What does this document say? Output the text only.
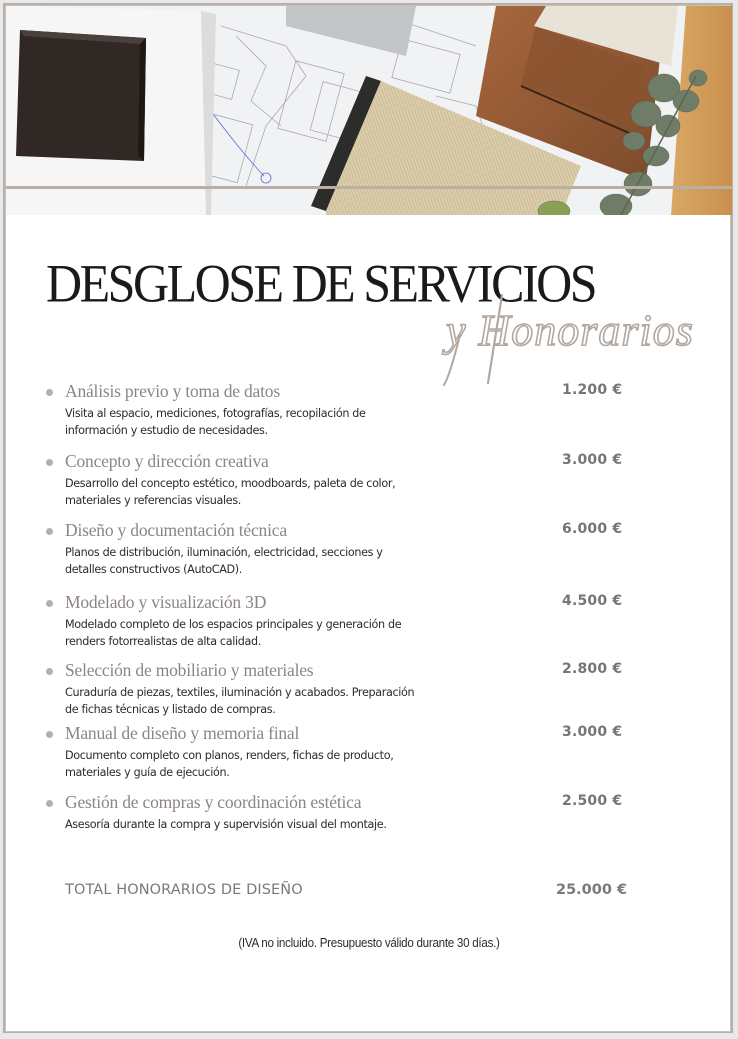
DESGLOSE DE SERVICIOS
y Honorarios
Análisis previo y toma de datos
Visita al espacio, mediciones, fotografías, recopilación de información y estudio de necesidades.
1.200 €
Concepto y dirección creativa
Desarrollo del concepto estético, moodboards, paleta de color, materiales y referencias visuales.
3.000 €
Diseño y documentación técnica
Planos de distribución, iluminación, electricidad, secciones y detalles constructivos (AutoCAD).
6.000 €
Modelado y visualización 3D
Modelado completo de los espacios principales y generación de renders fotorrealistas de alta calidad.
4.500 €
Selección de mobiliario y materiales
Curaduría de piezas, textiles, iluminación y acabados. Preparación de fichas técnicas y listado de compras.
2.800 €
Manual de diseño y memoria final
Documento completo con planos, renders, fichas de producto, materiales y guía de ejecución.
3.000 €
Gestión de compras y coordinación estética
Asesoría durante la compra y supervisión visual del montaje.
2.500 €
TOTAL HONORARIOS DE DISEÑO	25.000 €
(IVA no incluido. Presupuesto válido durante 30 días.)
